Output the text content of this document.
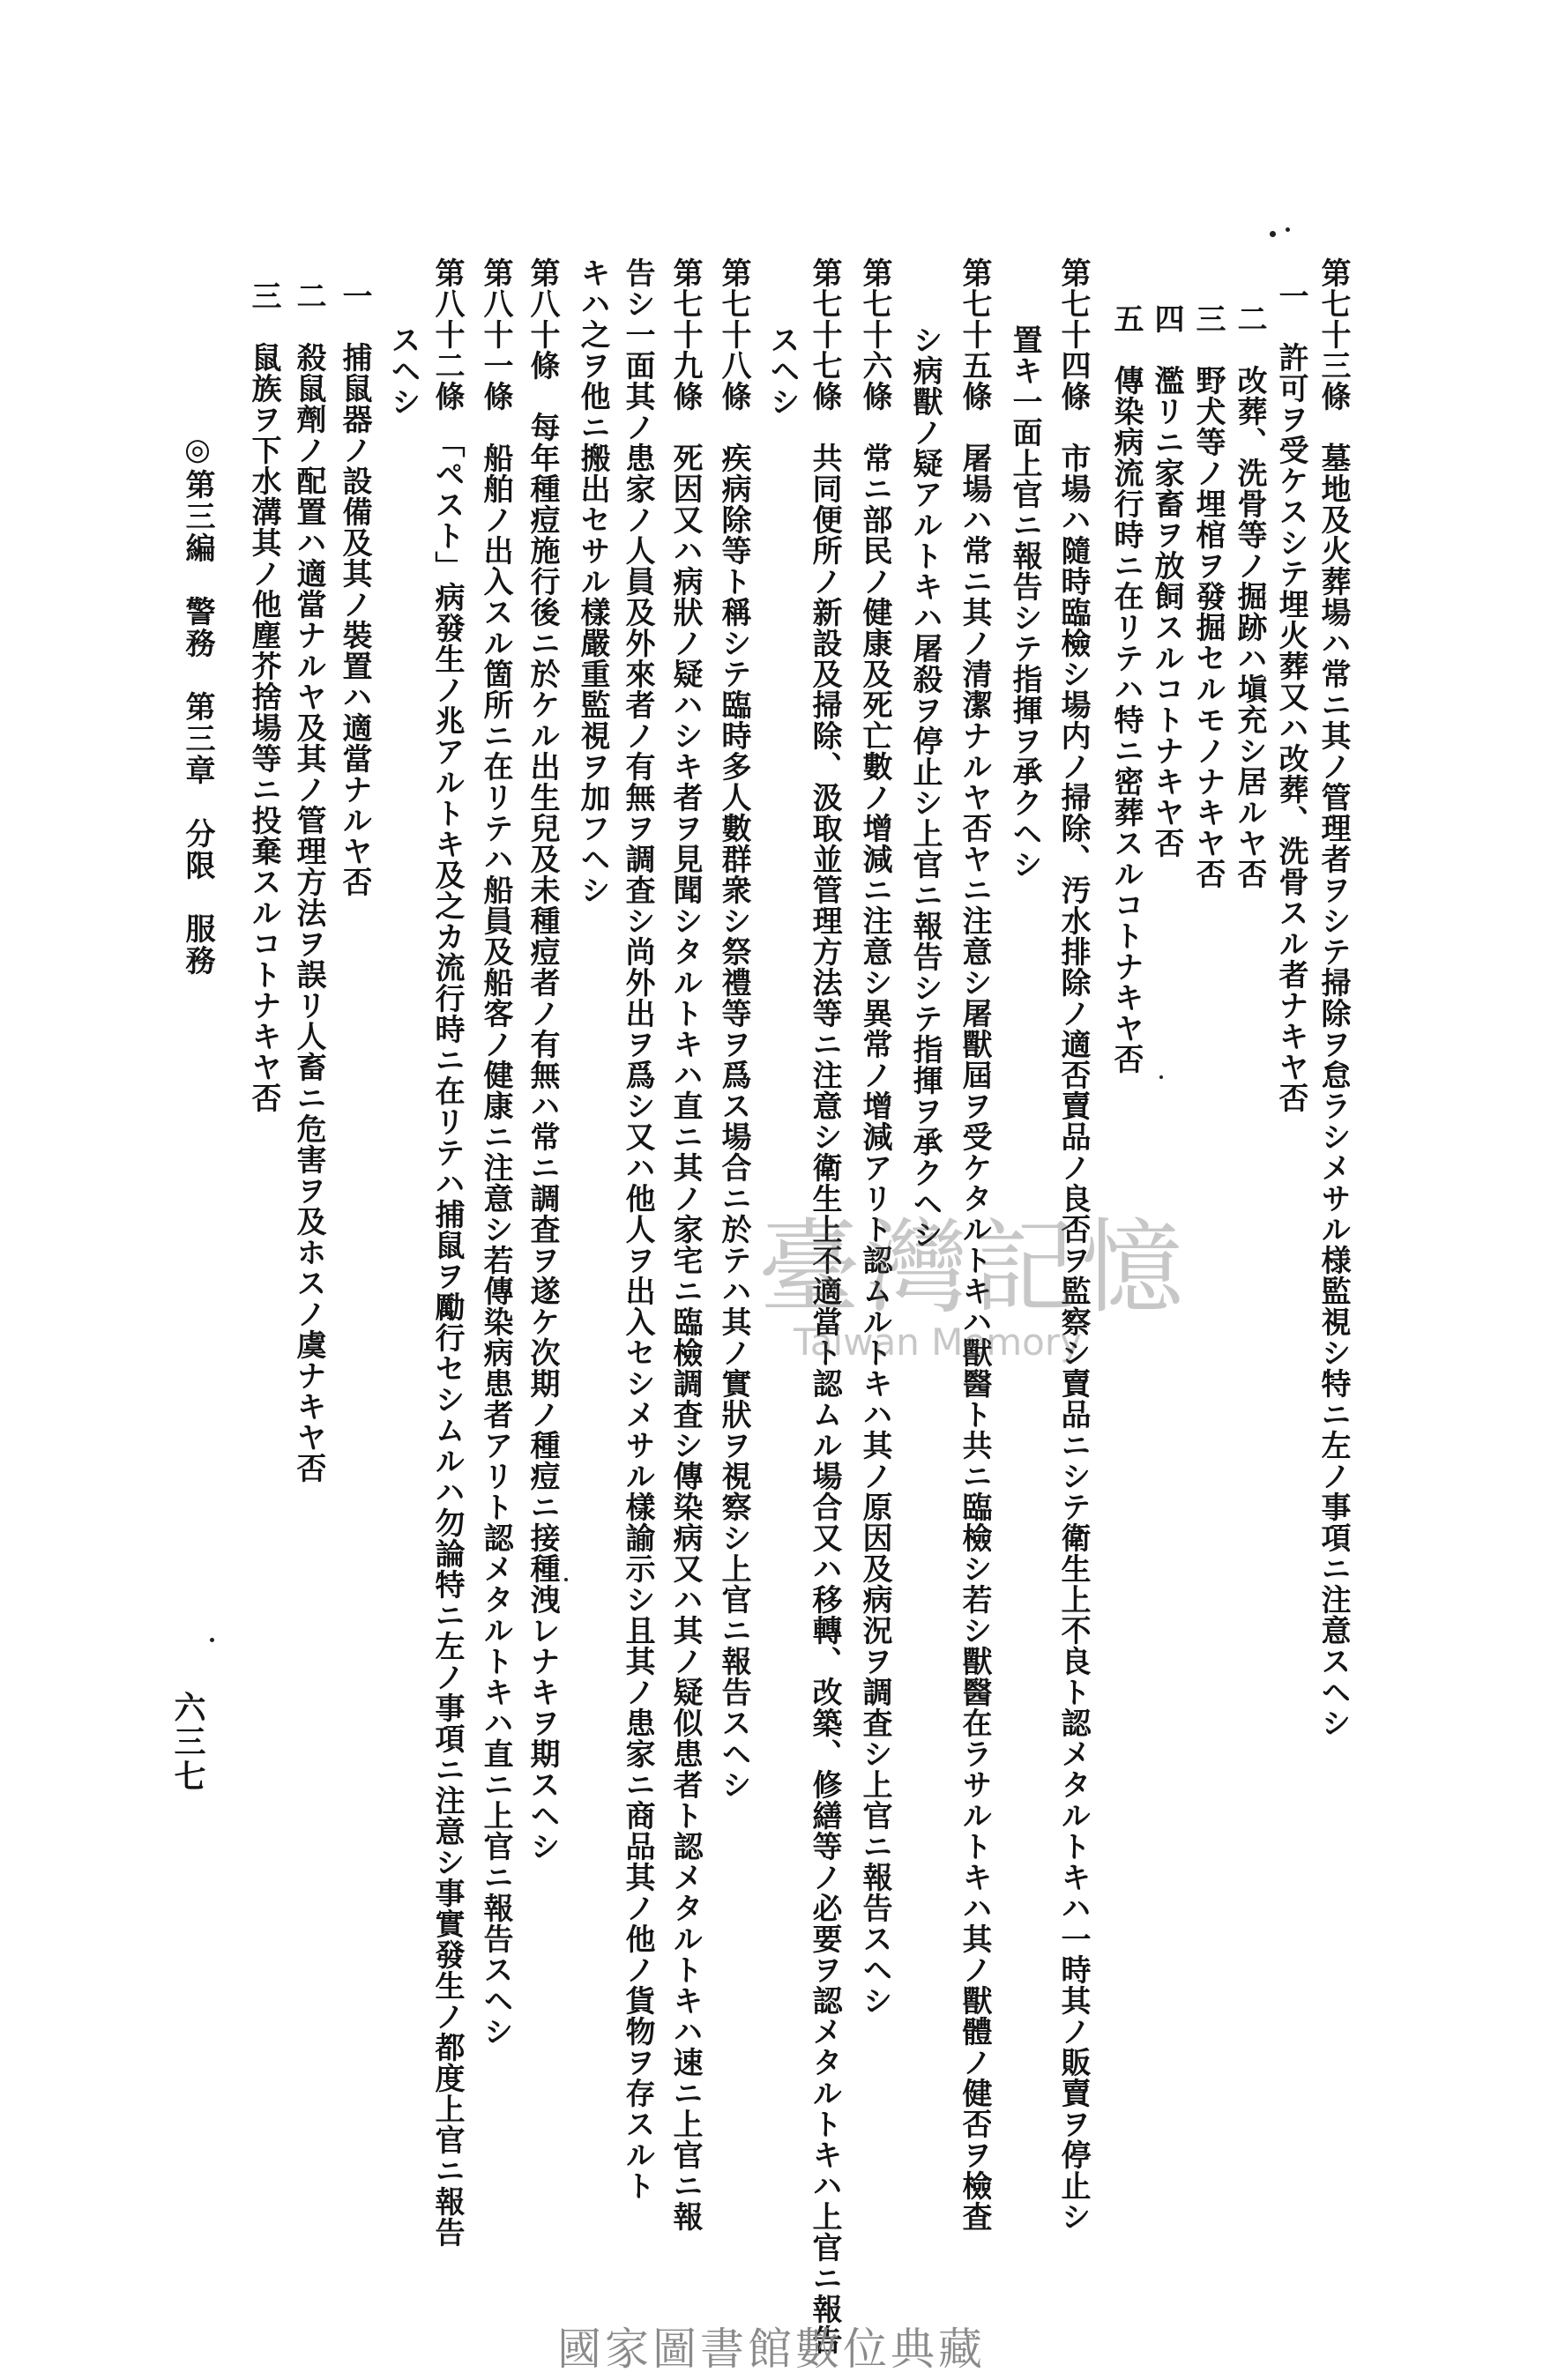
第七十三條　墓地及火葬場ハ常ニ其ノ管理者ヲシテ掃除ヲ怠ラシメサル様監視シ特ニ左ノ事項ニ注意スヘシ
一　許可ヲ受ケスシテ埋火葬又ハ改葬、洗骨スル者ナキヤ否
二　改葬、洗骨等ノ掘跡ハ塡充シ居ルヤ否
三　野犬等ノ埋棺ヲ發掘セルモノナキヤ否
四　濫リニ家畜ヲ放飼スルコトナキヤ否
五　傳染病流行時ニ在リテハ特ニ密葬スルコトナキヤ否
第七十四條　市場ハ隨時臨檢シ場内ノ掃除、汚水排除ノ適否賣品ノ良否ヲ監察シ賣品ニシテ衛生上不良ト認メタルトキハ一時其ノ販賣ヲ停止シ
置キ一面上官ニ報告シテ指揮ヲ承クヘシ
第七十五條　屠場ハ常ニ其ノ清潔ナルヤ否ヤニ注意シ屠獸屆ヲ受ケタルトキハ獸醫ト共ニ臨檢シ若シ獸醫在ラサルトキハ其ノ獸體ノ健否ヲ檢査
シ病獸ノ疑アルトキハ屠殺ヲ停止シ上官ニ報告シテ指揮ヲ承クヘシ
第七十六條　常ニ部民ノ健康及死亡數ノ增減ニ注意シ異常ノ增減アリト認ムルトキハ其ノ原因及病況ヲ調査シ上官ニ報告スヘシ
第七十七條　共同便所ノ新設及掃除、汲取並管理方法等ニ注意シ衛生上不適當ト認ムル場合又ハ移轉、改築、修繕等ノ必要ヲ認メタルトキハ上官ニ報告
スヘシ
第七十八條　疾病除等ト稱シテ臨時多人數群衆シ祭禮等ヲ爲ス場合ニ於テハ其ノ實狀ヲ視察シ上官ニ報告スヘシ
第七十九條　死因又ハ病狀ノ疑ハシキ者ヲ見聞シタルトキハ直ニ其ノ家宅ニ臨檢調査シ傳染病又ハ其ノ疑似患者ト認メタルトキハ速ニ上官ニ報
告シ一面其ノ患家ノ人員及外來者ノ有無ヲ調査シ尚外出ヲ爲シ又ハ他人ヲ出入セシメサル樣諭示シ且其ノ患家ニ商品其ノ他ノ貨物ヲ存スルト
キハ之ヲ他ニ搬出セサル樣嚴重監視ヲ加フヘシ
第八十條　每年種痘施行後ニ於ケル出生兒及未種痘者ノ有無ハ常ニ調査ヲ遂ケ次期ノ種痘ニ接種洩レナキヲ期スヘシ
第八十一條　船舶ノ出入スル箇所ニ在リテハ船員及船客ノ健康ニ注意シ若傳染病患者アリト認メタルトキハ直ニ上官ニ報告スヘシ
第八十二條　「ペスト」病發生ノ兆アルトキ及之カ流行時ニ在リテハ捕鼠ヲ勵行セシムルハ勿論特ニ左ノ事項ニ注意シ事實發生ノ都度上官ニ報告
スヘシ
一　捕鼠器ノ設備及其ノ裝置ハ適當ナルヤ否
二　殺鼠劑ノ配置ハ適當ナルヤ及其ノ管理方法ヲ誤リ人畜ニ危害ヲ及ホスノ虞ナキヤ否
三　鼠族ヲ下水溝其ノ他塵芥捨場等ニ投棄スルコトナキヤ否
◎第三編　警務　第三章　分限　服務
六三七
臺灣記憶
Taiwan Memory
國家圖書館數位典藏
